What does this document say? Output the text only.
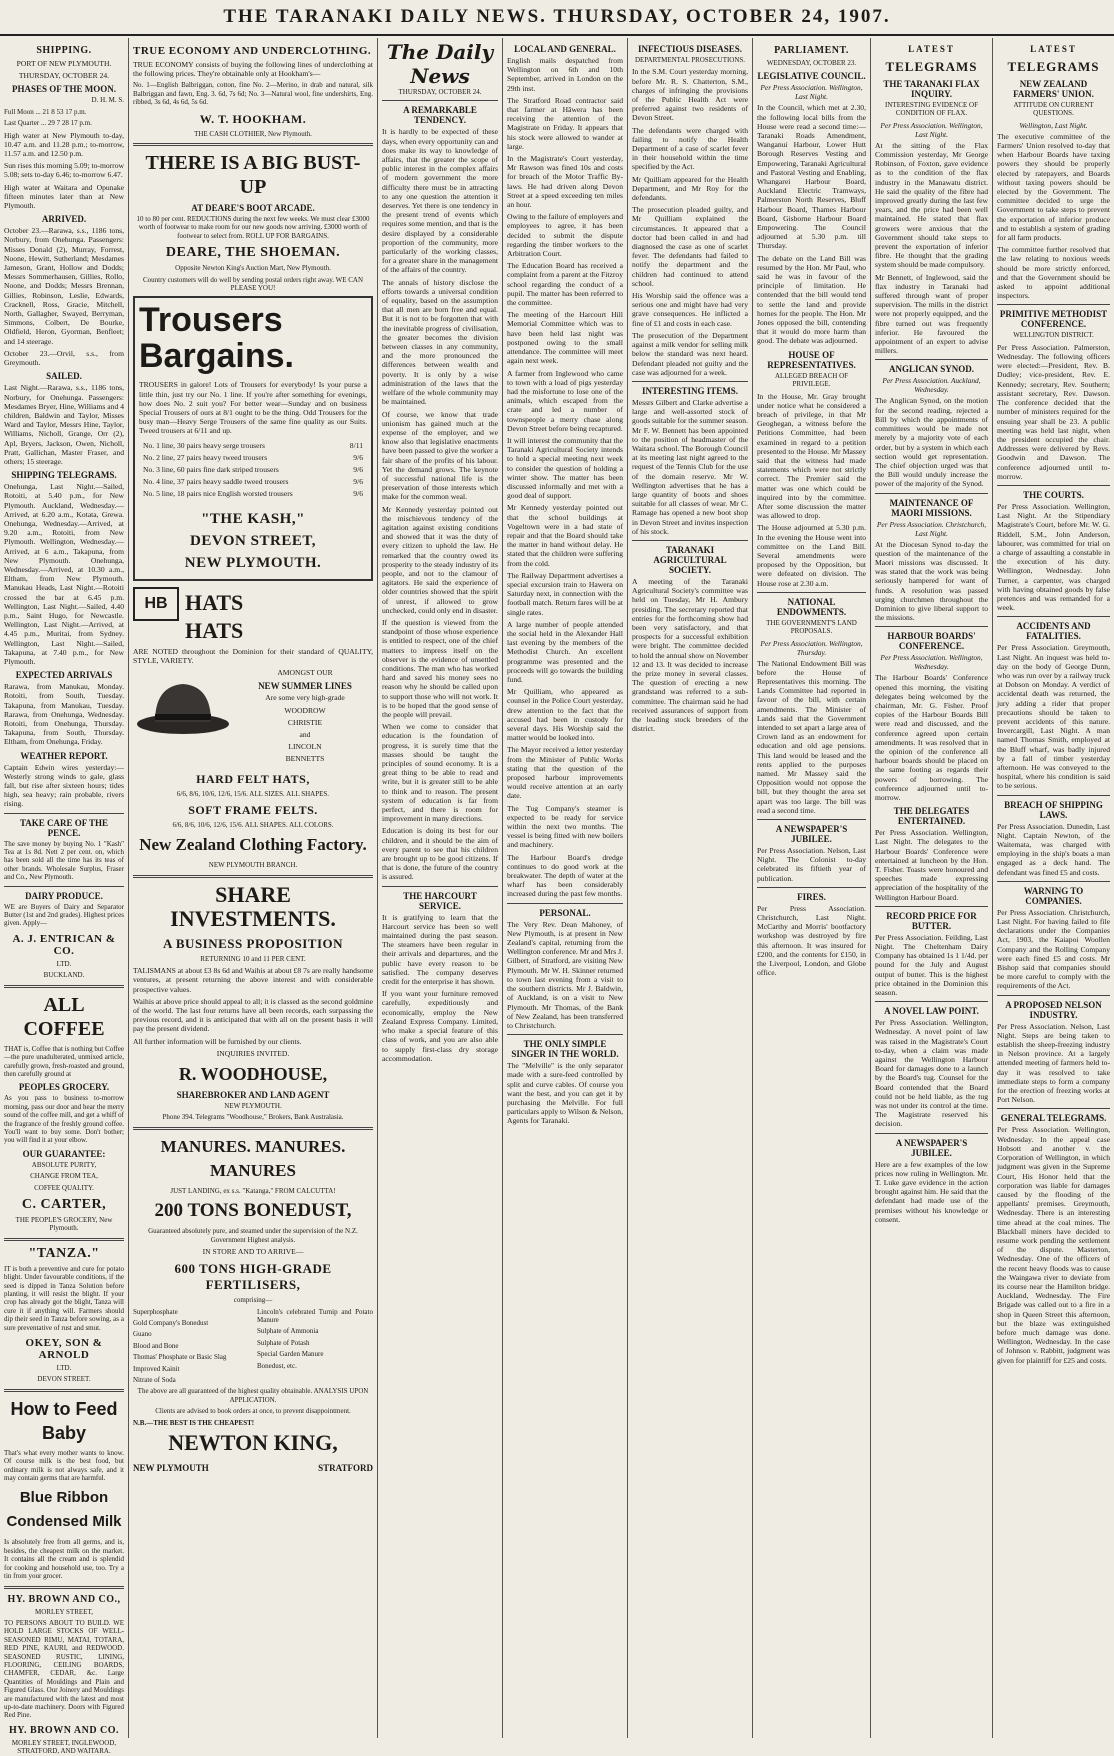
THE TARANAKI DAILY NEWS. THURSDAY, OCTOBER 24, 1907.
SHIPPING.
PORT OF NEW PLYMOUTH.
THURSDAY, OCTOBER 24.
PHASES OF THE MOON.
D. H. M. S.
Full Moon ... 21 8 53 17 p.m.
Last Quarter ... 29 7 28 17 p.m.
High water at New Plymouth to-day, 10.47 a.m. and 11.28 p.m.; to-morrow, 11.57 a.m. and 12.50 p.m.
Sun rises this morning 5.09; to-morrow 5.08; sets to-day 6.46; to-morrow 6.47.
High water at Waitara and Opunake fifteen minutes later than at New Plymouth.
ARRIVED.
October 23.—Rarawa, s.s., 1186 tons, Norbury, from Onehunga. Passengers: Misses Donald (2), Murray, Forrest, Noone, Hewitt, Sutherland; Mesdames Jameson, Grant, Hollow and Dodds; Messrs Sommerhausen, Gillies, Rollo, Noone, and Dodds; Messrs Brennan, Gillies, Robinson, Leslie, Edwards, Cracknell, Ross, Gracie, Mitchell, North, Gallagher, Swayed, Berryman, Simmons, Colbert, De Bourke, Oldfield, Heron, Gyorman, Benfleet; and 14 steerage.
October 23.—Orvil, s.s., from Greymouth.
SAILED.
Last Night.—Rarawa, s.s., 1186 tons, Norbury, for Onehunga. Passengers: Mesdames Bryer, Hine, Williams and 4 children, Baldwin and Taylor, Misses Ward and Taylor, Messrs Hine, Taylor, Williams, Nicholl, Grange, Orr (2), Apl, Bryers, Jackson, Owen, Nicholl, Pratt, Gallichan, Master Fraser, and others; 15 steerage.
SHIPPING TELEGRAMS.
Onehunga, Last Night.—Sailed, Rotoiti, at 5.40 p.m., for New Plymouth. Auckland, Wednesday.—Arrived, at 6.20 a.m., Kotata, Grewa. Onehunga, Wednesday.—Arrived, at 9.20 a.m., Rotoiti, from New Plymouth. Wellington, Wednesday.—Arrived, at 6 a.m., Takapuna, from New Plymouth. Onehunga, Wednesday.—Arrived, at 10.30 a.m., Eltham, from New Plymouth. Manukau Heads, Last Night.—Rotoiti crossed the bar at 6.45 p.m. Wellington, Last Night.—Sailed, 4.40 p.m., Saint Hugo, for Newcastle. Wellington, Last Night.—Arrived, at 4.45 p.m., Muritai, from Sydney. Wellington, Last Night.—Sailed, Takapuna, at 7.40 p.m., for New Plymouth.
EXPECTED ARRIVALS
Rarawa, from Manukau, Monday. Rotoiti, from South, Tuesday. Takapuna, from Manukau, Tuesday. Rarawa, from Onehunga, Wednesday. Rotoiti, from Onehunga, Thursday. Takapuna, from South, Thursday. Eltham, from Onehunga, Friday.
WEATHER REPORT.
Captain Edwin wires yesterday:—Westerly strong winds to gale, glass fall, but rise after sixteen hours; tides high, sea heavy; rain probable, rivers rising.
TAKE CARE OF THE PENCE.
The save money by buying No. 1 "Kash" Tea at 1s 8d. Nett 2 per cent. on, which has been sold all the time has its teas of other brands. Wholesale Surplus, Fraser and Co., New Plymouth.
DAIRY PRODUCE.
WE are Buyers of Dairy and Separator Butter (1st and 2nd grades). Highest prices given. Apply—
A. J. ENTRICAN & CO.
LTD.
BUCKLAND.
ALL COFFEE
THAT is, Coffee that is nothing but Coffee—the pure unadulterated, unmixed article, carefully grown, fresh-roasted and ground, then carefully ground at
PEOPLES GROCERY.
As you pass to business to-morrow morning, pass our door and hear the merry sound of the coffee mill, and get a whiff of the fragrance of the freshly ground coffee. You'll want to buy some. Don't bother; you will find it at your elbow.
OUR GUARANTEE:
ABSOLUTE PURITY,
CHANGE FROM TEA,
COFFEE QUALITY.
C. CARTER,
THE PEOPLE'S GROCERY, New Plymouth.
"TANZA."
IT is both a preventive and cure for potato blight. Under favourable conditions, if the seed is dipped in Tanza Solution before planting, it will resist the blight. If your crop has already got the blight, Tanza will cure it if anything will. Farmers should dip their seed in Tanza before sowing, as a sure preventative of rust and smut.
OKEY, SON & ARNOLD
LTD.
DEVON STREET.
How to Feed Baby
That's what every mother wants to know. Of course milk is the best food, but ordinary milk is not always safe, and it may contain germs that are harmful.
Blue Ribbon Condensed Milk
Is absolutely free from all germs, and is, besides, the cheapest milk on the market. It contains all the cream and is splendid for cooking and household use, too. Try a tin from your grocer.
HY. BROWN AND CO.,
MORLEY STREET,
TO PERSONS ABOUT TO BUILD. WE HOLD LARGE STOCKS OF WELL-SEASONED RIMU, MATAI, TOTARA, RED PINE, KAURI, and REDWOOD. SEASONED RUSTIC, LINING, FLOORING, CEILING BOARDS, CHAMFER, CEDAR, &c. Large Quantities of Mouldings and Plain and Figured Glass. Our Joinery and Mouldings are manufactured with the latest and most up-to-date machinery. Doors with Figured Red Pine.
HY. BROWN AND CO.
MORLEY STREET, INGLEWOOD, STRATFORD, AND WAITARA.
TRUE ECONOMY AND UNDERCLOTHING.
TRUE ECONOMY consists of buying the following lines of underclothing at the following prices. They're obtainable only at Hookham's—
No. 1—English Balbriggan, cotton, fine No. 2—Merino, in drab and natural, silk Balbriggan and fawn, Eng. 3. 6d, 7s 6d; No. 3—Natural wool, fine undershirts, Eng. ribbed, 3s 6d, 4s 6d, 5s 6d.
W. T. HOOKHAM.
THE CASH CLOTHIER, New Plymouth.
THERE IS A BIG BUST-UP
AT DEARE'S BOOT ARCADE.
10 to 80 per cent. REDUCTIONS during the next few weeks. We must clear £3000 worth of footwear to make room for our new goods now arriving. £3000 worth of footwear to select from. ROLL UP FOR BARGAINS.
DEARE, THE SHOEMAN.
Opposite Newton King's Auction Mart, New Plymouth.
Country customers will do well by sending postal orders right away. WE CAN PLEASE YOU!
Trousers
Bargains.
TROUSERS in galore! Lots of Trousers for everybody! Is your purse a little thin, just try our No. 1 line. If you're after something for evenings, how does No. 2 suit you? For better wear—Sunday and on business Special Trousers of ours at 8/1 ought to be the thing. Odd Trousers for the busy man—Heavy Serge Trousers of the same fine quality as our Suits. Tweed trousers at 6/11 and up.
No. 1 line, 30 pairs heavy serge trousers	8/11
No. 2 line, 27 pairs heavy tweed trousers	9/6
No. 3 line, 60 pairs fine dark striped trousers	9/6
No. 4 line, 37 pairs heavy saddle tweed trousers	9/6
No. 5 line, 18 pairs nice English worsted trousers	9/6
"THE KASH,"
DEVON STREET,
NEW PLYMOUTH.
HB HATS
HATS
ARE NOTED throughout the Dominion for their standard of QUALITY, STYLE, VARIETY.
AMONGST OUR
NEW SUMMER LINES
Are some very high-grade
WOODROW
CHRISTIE
and
LINCOLN
BENNETTS
HARD FELT HATS,
6/6, 8/6, 10/6, 12/6, 15/6. ALL SIZES. ALL SHAPES.
SOFT FRAME FELTS.
6/6, 8/6, 10/6, 12/6, 15/6. ALL SHAPES. ALL COLORS.
New Zealand Clothing Factory.
NEW PLYMOUTH BRANCH.
SHARE INVESTMENTS.
A BUSINESS PROPOSITION
RETURNING 10 and 11 PER CENT.
TALISMANS at about £3 8s 6d and Waihis at about £8 7s are really handsome ventures, at present returning the above interest and with considerable prospective values.
Waihis at above price should appeal to all; it is classed as the second goldmine of the world. The last four returns have all been records, each surpassing the previous record, and it is anticipated that with all on the present basis it will pay the present dividend.
All further information will be furnished by our clients.
INQUIRIES INVITED.
R. WOODHOUSE,
SHAREBROKER AND LAND AGENT
NEW PLYMOUTH.
Phone 394. Telegrams "Woodhouse," Brokers, Bank Australasia.
MANURES. MANURES. MANURES
JUST LANDING, ex s.s. "Katanga," FROM CALCUTTA!
200 TONS BONEDUST,
Guaranteed absolutely pure, and steamed under the supervision of the N.Z. Government Highest analysis.
IN STORE AND TO ARRIVE—
600 TONS HIGH-GRADE FERTILISERS,
comprising—
Superphosphate
Gold Company's Bonedust
Guano
Blood and Bone
Thomas' Phosphate or Basic Slag
Improved Kainit
Nitrate of Soda
Lincoln's celebrated Turnip and Potato Manure
Sulphate of Ammonia
Sulphate of Potash
Special Garden Manure
Bonedust, etc.
The above are all guaranteed of the highest quality obtainable. ANALYSIS UPON APPLICATION.
Clients are advised to book orders at once, to prevent disappointment.
N.B.—THE BEST IS THE CHEAPEST!
NEWTON KING,
NEW PLYMOUTH	STRATFORD
The Daily News
THURSDAY, OCTOBER 24.
A REMARKABLE TENDENCY.
It is hardly to be expected of these days, when every opportunity can and does make its way to knowledge of affairs, that the greater the scope of public interest in the complex affairs of modern government the more difficulty there must be in attracting to any one question the attention it deserves. Yet there is one tendency in the present trend of events which requires some mention, and that is the desire displayed by a considerable proportion of the community, more particularly of the working classes, for a greater share in the management of the affairs of the country.
The annals of history disclose the efforts towards a universal condition of equality, based on the assumption that all men are born free and equal. But it is not to be forgotten that with the inevitable progress of civilisation, the greater becomes the division between classes in any community, and the more pronounced the differences between wealth and poverty. It is only by a wise administration of the laws that the welfare of the whole community may be maintained.
Of course, we know that trade unionism has gained much at the expense of the employer, and we know also that legislative enactments have been passed to give the worker a fair share of the profits of his labour. Yet the demand grows. The keynote of successful national life is the preservation of those interests which make for the common weal.
Mr Kennedy yesterday pointed out the mischievous tendency of the agitation against existing conditions and showed that it was the duty of every citizen to uphold the law. He remarked that the country owed its prosperity to the steady industry of its people, and not to the clamour of agitators. He said the experience of older countries showed that the spirit of unrest, if allowed to grow unchecked, could only end in disaster.
If the question is viewed from the standpoint of those whose experience is entitled to respect, one of the chief matters to impress itself on the observer is the evidence of unsettled conditions. The man who has worked hard and saved his money sees no reason why he should be called upon to support those who will not work. It is to be hoped that the good sense of the people will prevail.
When we come to consider that education is the foundation of progress, it is surely time that the masses should be taught the principles of sound economy. It is a great thing to be able to read and write, but it is greater still to be able to think and to reason. The present system of education is far from perfect, and there is room for improvement in many directions.
Education is doing its best for our children, and it should be the aim of every parent to see that his children are brought up to be good citizens. If that is done, the future of the country is assured.
THE HARCOURT SERVICE.
It is gratifying to learn that the Harcourt service has been so well maintained during the past season. The steamers have been regular in their arrivals and departures, and the public have every reason to be satisfied. The company deserves credit for the enterprise it has shown.
If you want your furniture removed carefully, expeditiously and economically, employ the New Zealand Express Company. Limited, who make a special feature of this class of work, and you are also able to supply first-class dry storage accommodation.
LOCAL AND GENERAL.
English mails despatched from Wellington on 6th and 10th September, arrived in London on the 29th inst.
The Stratford Road contractor said that farmer at Hāwera has been receiving the attention of the Magistrate on Friday. It appears that his stock were allowed to wander at large.
In the Magistrate's Court yesterday, Mr Rawson was fined 10s and costs for breach of the Motor Traffic By-laws. He had driven along Devon Street at a speed exceeding ten miles an hour.
Owing to the failure of employers and employees to agree, it has been decided to submit the dispute regarding the timber workers to the Arbitration Court.
The Education Board has received a complaint from a parent at the Fitzroy school regarding the conduct of a pupil. The matter has been referred to the committee.
The meeting of the Harcourt Hill Memorial Committee which was to have been held last night was postponed owing to the small attendance. The committee will meet again next week.
A farmer from Inglewood who came to town with a load of pigs yesterday had the misfortune to lose one of the animals, which escaped from the crate and led a number of townspeople a merry chase along Devon Street before being recaptured.
It will interest the community that the Taranaki Agricultural Society intends to hold a special meeting next week to consider the question of holding a winter show. The matter has been discussed informally and met with a good deal of support.
Mr Kennedy yesterday pointed out that the school buildings at Vogeltown were in a bad state of repair and that the Board should take the matter in hand without delay. He stated that the children were suffering from the cold.
The Railway Department advertises a special excursion train to Hawera on Saturday next, in connection with the football match. Return fares will be at single rates.
A large number of people attended the social held in the Alexander Hall last evening by the members of the Methodist Church. An excellent programme was presented and the proceeds will go towards the building fund.
Mr Quilliam, who appeared as counsel in the Police Court yesterday, drew attention to the fact that the accused had been in custody for several days. His Worship said the matter would be looked into.
The Mayor received a letter yesterday from the Minister of Public Works stating that the question of the proposed harbour improvements would receive attention at an early date.
The Tug Company's steamer is expected to be ready for service within the next two months. The vessel is being fitted with new boilers and machinery.
The Harbour Board's dredge continues to do good work at the breakwater. The depth of water at the wharf has been considerably increased during the past few months.
PERSONAL.
The Very Rev. Dean Mahoney, of New Plymouth, is at present in New Zealand's capital, returning from the Wellington conference. Mr and Mrs J. Gilbert, of Stratford, are visiting New Plymouth. Mr W. H. Skinner returned to town last evening from a visit to the southern districts. Mr J. Baldwin, of Auckland, is on a visit to New Plymouth. Mr Thomas, of the Bank of New Zealand, has been transferred to Christchurch.
THE ONLY SIMPLE SINGER IN THE WORLD.
The "Melville" is the only separator made with a sure-feed controlled by split and curve cables. Of course you want the best, and you can get it by purchasing the Melville. For full particulars apply to Wilson & Nelson, Agents for Taranaki.
INFECTIOUS DISEASES.
DEPARTMENTAL PROSECUTIONS.
In the S.M. Court yesterday morning, before Mr. R. S. Chatterton, S.M., charges of infringing the provisions of the Public Health Act were preferred against two residents of Devon Street.
The defendants were charged with failing to notify the Health Department of a case of scarlet fever in their household within the time specified by the Act.
Mr Quilliam appeared for the Health Department, and Mr Roy for the defendants.
The prosecution pleaded guilty, and Mr Quilliam explained the circumstances. It appeared that a doctor had been called in and had diagnosed the case as one of scarlet fever. The defendants had failed to notify the department and the children had continued to attend school.
His Worship said the offence was a serious one and might have had very grave consequences. He inflicted a fine of £1 and costs in each case.
The prosecution of the Department against a milk vendor for selling milk below the standard was next heard. Defendant pleaded not guilty and the case was adjourned for a week.
INTERESTING ITEMS.
Messrs Gilbert and Clarke advertise a large and well-assorted stock of goods suitable for the summer season. Mr F. W. Bennett has been appointed to the position of headmaster of the Waitara school. The Borough Council at its meeting last night agreed to the request of the Tennis Club for the use of the domain reserve. Mr W. Wellington advertises that he has a large quantity of boots and shoes suitable for all classes of wear. Mr C. Ramage has opened a new boot shop in Devon Street and invites inspection of his stock.
TARANAKI AGRICULTURAL SOCIETY.
A meeting of the Taranaki Agricultural Society's committee was held on Tuesday, Mr H. Ambury presiding. The secretary reported that entries for the forthcoming show had been very satisfactory, and that prospects for a successful exhibition were bright. The committee decided to hold the annual show on November 12 and 13. It was decided to increase the prize money in several classes. The question of erecting a new grandstand was referred to a sub-committee. The chairman said he had received assurances of support from the leading stock breeders of the district.
PARLIAMENT.
WEDNESDAY, OCTOBER 23.
LEGISLATIVE COUNCIL.
Per Press Association. Wellington, Last Night.
In the Council, which met at 2.30, the following local bills from the House were read a second time:—Taranaki Roads Amendment, Wanganui Harbour, Lower Hutt Borough Reserves Vesting and Empowering, Taranaki Agricultural and Pastoral Vesting and Enabling, Whangarei Harbour Board, Auckland Electric Tramways, Palmerston North Reserves, Bluff Harbour Board, Thames Harbour Board, Gisborne Harbour Board Empowering. The Council adjourned at 5.30 p.m. till Thursday.
The debate on the Land Bill was resumed by the Hon. Mr Paul, who said he was in favour of the principle of limitation. He contended that the bill would tend to settle the land and provide homes for the people. The Hon. Mr Jones opposed the bill, contending that it would do more harm than good. The debate was adjourned.
HOUSE OF REPRESENTATIVES.
ALLEGED BREACH OF PRIVILEGE.
In the House, Mr. Gray brought under notice what he considered a breach of privilege, in that Mr Geoghegan, a witness before the Petitions Committee, had been examined in regard to a petition presented to the House. Mr Massey said that the witness had made statements which were not strictly correct. The Premier said the matter was one which could be inquired into by the committee. After some discussion the matter was allowed to drop.
The House adjourned at 5.30 p.m. In the evening the House went into committee on the Land Bill. Several amendments were proposed by the Opposition, but were defeated on division. The House rose at 2.30 a.m.
NATIONAL ENDOWMENTS.
THE GOVERNMENT'S LAND PROPOSALS.
Per Press Association. Wellington, Thursday.
The National Endowment Bill was before the House of Representatives this morning. The Lands Committee had reported in favour of the bill, with certain amendments. The Minister of Lands said that the Government intended to set apart a large area of Crown land as an endowment for education and old age pensions. This land would be leased and the rents applied to the purposes named. Mr Massey said the Opposition would not oppose the bill, but they thought the area set apart was too large. The bill was read a second time.
A NEWSPAPER'S JUBILEE.
Per Press Association. Nelson, Last Night. The Colonist to-day celebrated its fiftieth year of publication.
FIRES.
Per Press Association. Christchurch, Last Night. McCarthy and Morris' bootfactory workshop was destroyed by fire this afternoon. It was insured for £200, and the contents for £150, in the Liverpool, London, and Globe office.
LATEST
TELEGRAMS
THE TARANAKI FLAX INQUIRY.
INTERESTING EVIDENCE OF CONDITION OF FLAX.
Per Press Association. Wellington, Last Night.
At the sitting of the Flax Commission yesterday, Mr George Robinson, of Foxton, gave evidence as to the condition of the flax industry in the Manawatu district. He said the quality of the fibre had improved greatly during the last few years, and the price had been well maintained. He stated that flax growers were anxious that the Government should take steps to prevent the exportation of inferior fibre. He thought that the grading system should be made compulsory.
Mr Bennett, of Inglewood, said the flax industry in Taranaki had suffered through want of proper supervision. The mills in the district were not properly equipped, and the fibre turned out was frequently inferior. He favoured the appointment of an expert to advise millers.
ANGLICAN SYNOD.
Per Press Association. Auckland, Wednesday.
The Anglican Synod, on the motion for the second reading, rejected a Bill by which the appointments of committees would be made not merely by a majority vote of each order, but by a system in which each section would get representation. The chief objection urged was that the Bill would unduly increase the power of the majority of the Synod.
MAINTENANCE OF MAORI MISSIONS.
Per Press Association. Christchurch, Last Night.
At the Diocesan Synod to-day the question of the maintenance of the Maori missions was discussed. It was stated that the work was being seriously hampered for want of funds. A resolution was passed urging churchmen throughout the Dominion to give liberal support to the missions.
HARBOUR BOARDS' CONFERENCE.
Per Press Association. Wellington, Wednesday.
The Harbour Boards' Conference opened this morning, the visiting delegates being welcomed by the chairman, Mr. G. Fisher. Proof copies of the Harbour Boards Bill were read and discussed, and the conference agreed upon certain amendments. It was resolved that in the opinion of the conference all harbour boards should be placed on the same footing as regards their powers of borrowing. The conference adjourned until to-morrow.
THE DELEGATES ENTERTAINED.
Per Press Association. Wellington, Last Night. The delegates to the Harbour Boards' Conference were entertained at luncheon by the Hon. T. Fisher. Toasts were honoured and speeches made expressing appreciation of the hospitality of the Wellington Harbour Board.
RECORD PRICE FOR BUTTER.
Per Press Association. Feilding, Last Night. The Cheltenham Dairy Company has obtained 1s 1 1/4d. per pound for the July and August output of butter. This is the highest price obtained in the Dominion this season.
A NOVEL LAW POINT.
Per Press Association. Wellington, Wednesday. A novel point of law was raised in the Magistrate's Court to-day, when a claim was made against the Wellington Harbour Board for damages done to a launch by the Board's tug. Counsel for the Board contended that the Board could not be held liable, as the tug was not under its control at the time. The Magistrate reserved his decision.
A NEWSPAPER'S JUBILEE.
Here are a few examples of the low prices now ruling in Wellington. Mr. T. Luke gave evidence in the action brought against him. He said that the defendant had made use of the premises without his knowledge or consent.
LATEST
TELEGRAMS
NEW ZEALAND FARMERS' UNION.
ATTITUDE ON CURRENT QUESTIONS.
Wellington, Last Night.
The executive committee of the Farmers' Union resolved to-day that when Harbour Boards have taxing powers they should be properly elected by ratepayers, and Boards without taxing powers should be elected by the Government. The committee decided to urge the Government to take steps to prevent the exportation of inferior produce and to establish a system of grading for all farm products.
The committee further resolved that the law relating to noxious weeds should be more strictly enforced, and that the Government should be asked to appoint additional inspectors.
PRIMITIVE METHODIST CONFERENCE.
WELLINGTON DISTRICT.
Per Press Association. Palmerston, Wednesday. The following officers were elected:—President, Rev. B. Dudley; vice-president, Rev. E. Kennedy; secretary, Rev. Southern; assistant secretary, Rev. Dawson. The conference decided that the number of ministers required for the ensuing year shall be 23. A public meeting was held last night, when the president occupied the chair. Addresses were delivered by Revs. Goodwin and Dawson. The conference adjourned until to-morrow.
THE COURTS.
Per Press Association. Wellington, Last Night. At the Stipendiary Magistrate's Court, before Mr. W. G. Riddell, S.M., John Anderson, labourer, was committed for trial on a charge of assaulting a constable in the execution of his duty. Wellington, Wednesday. John Turner, a carpenter, was charged with having obtained goods by false pretences and was remanded for a week.
ACCIDENTS AND FATALITIES.
Per Press Association. Greymouth, Last Night. An inquest was held to-day on the body of George Dunn, who was run over by a railway truck at Dobson on Monday. A verdict of accidental death was returned, the jury adding a rider that proper precautions should be taken to prevent accidents of this nature. Invercargill, Last Night. A man named Thomas Smith, employed at the Bluff wharf, was badly injured by a fall of timber yesterday afternoon. He was conveyed to the hospital, where his condition is said to be serious.
BREACH OF SHIPPING LAWS.
Per Press Association. Dunedin, Last Night. Captain Newton, of the Waitemata, was charged with employing in the ship's boats a man engaged as a deck hand. The defendant was fined £5 and costs.
WARNING TO COMPANIES.
Per Press Association. Christchurch, Last Night. For having failed to file declarations under the Companies Act, 1903, the Kaiapoi Woollen Company and the Rolling Company were each fined £5 and costs. Mr Bishop said that companies should be more careful to comply with the requirements of the Act.
A PROPOSED NELSON INDUSTRY.
Per Press Association. Nelson, Last Night. Steps are being taken to establish the sheep-freezing industry in Nelson province. At a largely attended meeting of farmers held to-day it was resolved to take immediate steps to form a company for the erection of freezing works at Port Nelson.
GENERAL TELEGRAMS.
Per Press Association. Wellington, Wednesday. In the appeal case Hobsott and another v. the Corporation of Wellington, in which judgment was given in the Supreme Court, His Honor held that the corporation was liable for damages caused by the flooding of the appellants' premises. Greymouth, Wednesday. There is an interesting time ahead at the coal mines. The Blackball miners have decided to resume work pending the settlement of the dispute. Masterton, Wednesday. One of the officers of the recent heavy floods was to cause the Waingawa river to deviate from its course near the Hamilton bridge. Auckland, Wednesday. The Fire Brigade was called out to a fire in a shop in Queen Street this afternoon, but the blaze was extinguished before much damage was done. Wellington, Wednesday. In the case of Johnson v. Rabbitt, judgment was given for plaintiff for £25 and costs.
